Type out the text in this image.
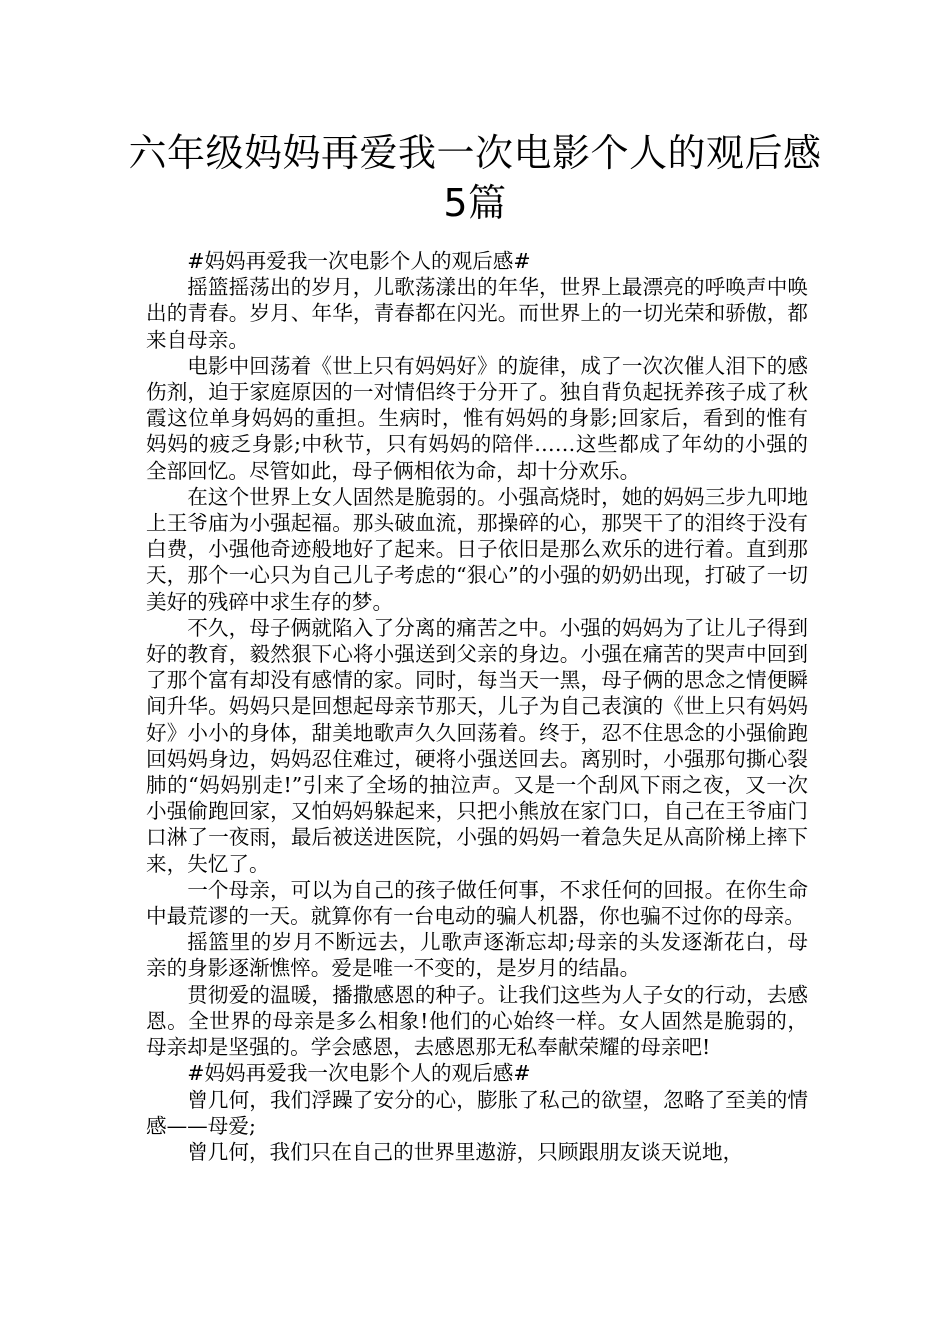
六年级妈妈再爱我一次电影个人的观后感5篇

#妈妈再爱我一次电影个人的观后感#

摇篮摇荡出的岁月，儿歌荡漾出的年华，世界上最漂亮的呼唤声中唤出的青春。岁月、年华，青春都在闪光。而世界上的一切光荣和骄傲，都来自母亲。

电影中回荡着《世上只有妈妈好》的旋律，成了一次次催人泪下的感伤剂，迫于家庭原因的一对情侣终于分开了。独自背负起抚养孩子成了秋霞这位单身妈妈的重担。生病时，惟有妈妈的身影;回家后，看到的惟有妈妈的疲乏身影;中秋节，只有妈妈的陪伴……这些都成了年幼的小强的全部回忆。尽管如此，母子俩相依为命，却十分欢乐。

在这个世界上女人固然是脆弱的。小强高烧时，她的妈妈三步九叩地上王爷庙为小强起福。那头破血流，那操碎的心，那哭干了的泪终于没有白费，小强他奇迹般地好了起来。日子依旧是那么欢乐的进行着。直到那天，那个一心只为自己儿子考虑的“狠心”的小强的奶奶出现，打破了一切美好的残碎中求生存的梦。

不久，母子俩就陷入了分离的痛苦之中。小强的妈妈为了让儿子得到好的教育，毅然狠下心将小强送到父亲的身边。小强在痛苦的哭声中回到了那个富有却没有感情的家。同时，每当天一黑，母子俩的思念之情便瞬间升华。妈妈只是回想起母亲节那天，儿子为自己表演的《世上只有妈妈好》小小的身体，甜美地歌声久久回荡着。终于，忍不住思念的小强偷跑回妈妈身边，妈妈忍住难过，硬将小强送回去。离别时，小强那句撕心裂肺的“妈妈别走!”引来了全场的抽泣声。又是一个刮风下雨之夜，又一次小强偷跑回家，又怕妈妈躲起来，只把小熊放在家门口，自己在王爷庙门口淋了一夜雨，最后被送进医院，小强的妈妈一着急失足从高阶梯上摔下来，失忆了。

一个母亲，可以为自己的孩子做任何事，不求任何的回报。在你生命中最荒谬的一天。就算你有一台电动的骗人机器，你也骗不过你的母亲。

摇篮里的岁月不断远去，儿歌声逐渐忘却;母亲的头发逐渐花白，母亲的身影逐渐憔悴。爱是唯一不变的，是岁月的结晶。

贯彻爱的温暖，播撒感恩的种子。让我们这些为人子女的行动，去感恩。全世界的母亲是多么相象!他们的心始终一样。女人固然是脆弱的，母亲却是坚强的。学会感恩，去感恩那无私奉献荣耀的母亲吧!

#妈妈再爱我一次电影个人的观后感#

曾几何，我们浮躁了安分的心，膨胀了私己的欲望，忽略了至美的情感——母爱;

曾几何，我们只在自己的世界里遨游，只顾跟朋友谈天说地，
